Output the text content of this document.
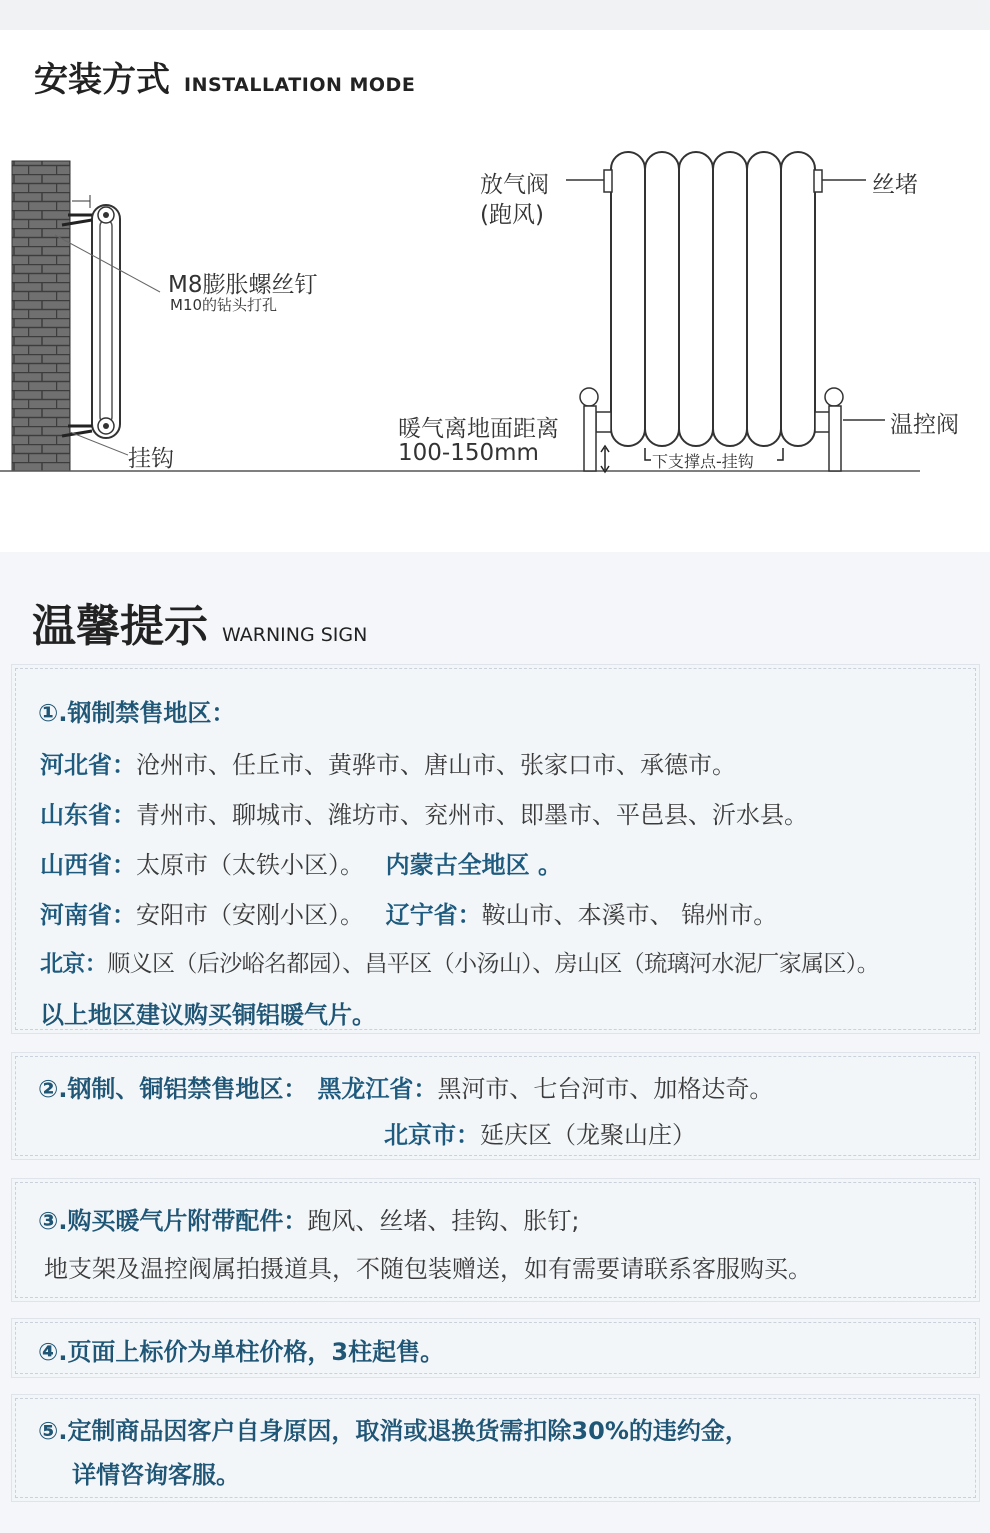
安装方式 INSTALLATION MODE
M8膨胀螺丝钉
M10的钻头打孔
挂钩
放气阀
(跑风)
丝堵
暖气离地面距离
100-150mm	下支撑点-挂钩
温控阀
温馨提示 WARNING SIGN
①.钢制禁售地区：
河北省：沧州市、任丘市、黄骅市、唐山市、张家口市、承德市。
山东省：青州市、聊城市、潍坊市、兖州市、即墨市、平邑县、沂水县。
山西省：太原市（太铁小区）。 内蒙古全地区 。
河南省：安阳市（安刚小区）。 辽宁省：鞍山市、本溪市、 锦州市。
北京：顺义区（后沙峪名都园）、昌平区（小汤山）、房山区（琉璃河水泥厂家属区）。
以上地区建议购买铜铝暖气片。
②.钢制、铜铝禁售地区： 黑龙江省：黑河市、七台河市、加格达奇。
北京市：延庆区（龙聚山庄）
③.购买暖气片附带配件：跑风、丝堵、挂钩、胀钉;
地支架及温控阀属拍摄道具，不随包装赠送，如有需要请联系客服购买。
④.页面上标价为单柱价格，3柱起售。
⑤.定制商品因客户自身原因，取消或退换货需扣除30%的违约金，
详情咨询客服。
